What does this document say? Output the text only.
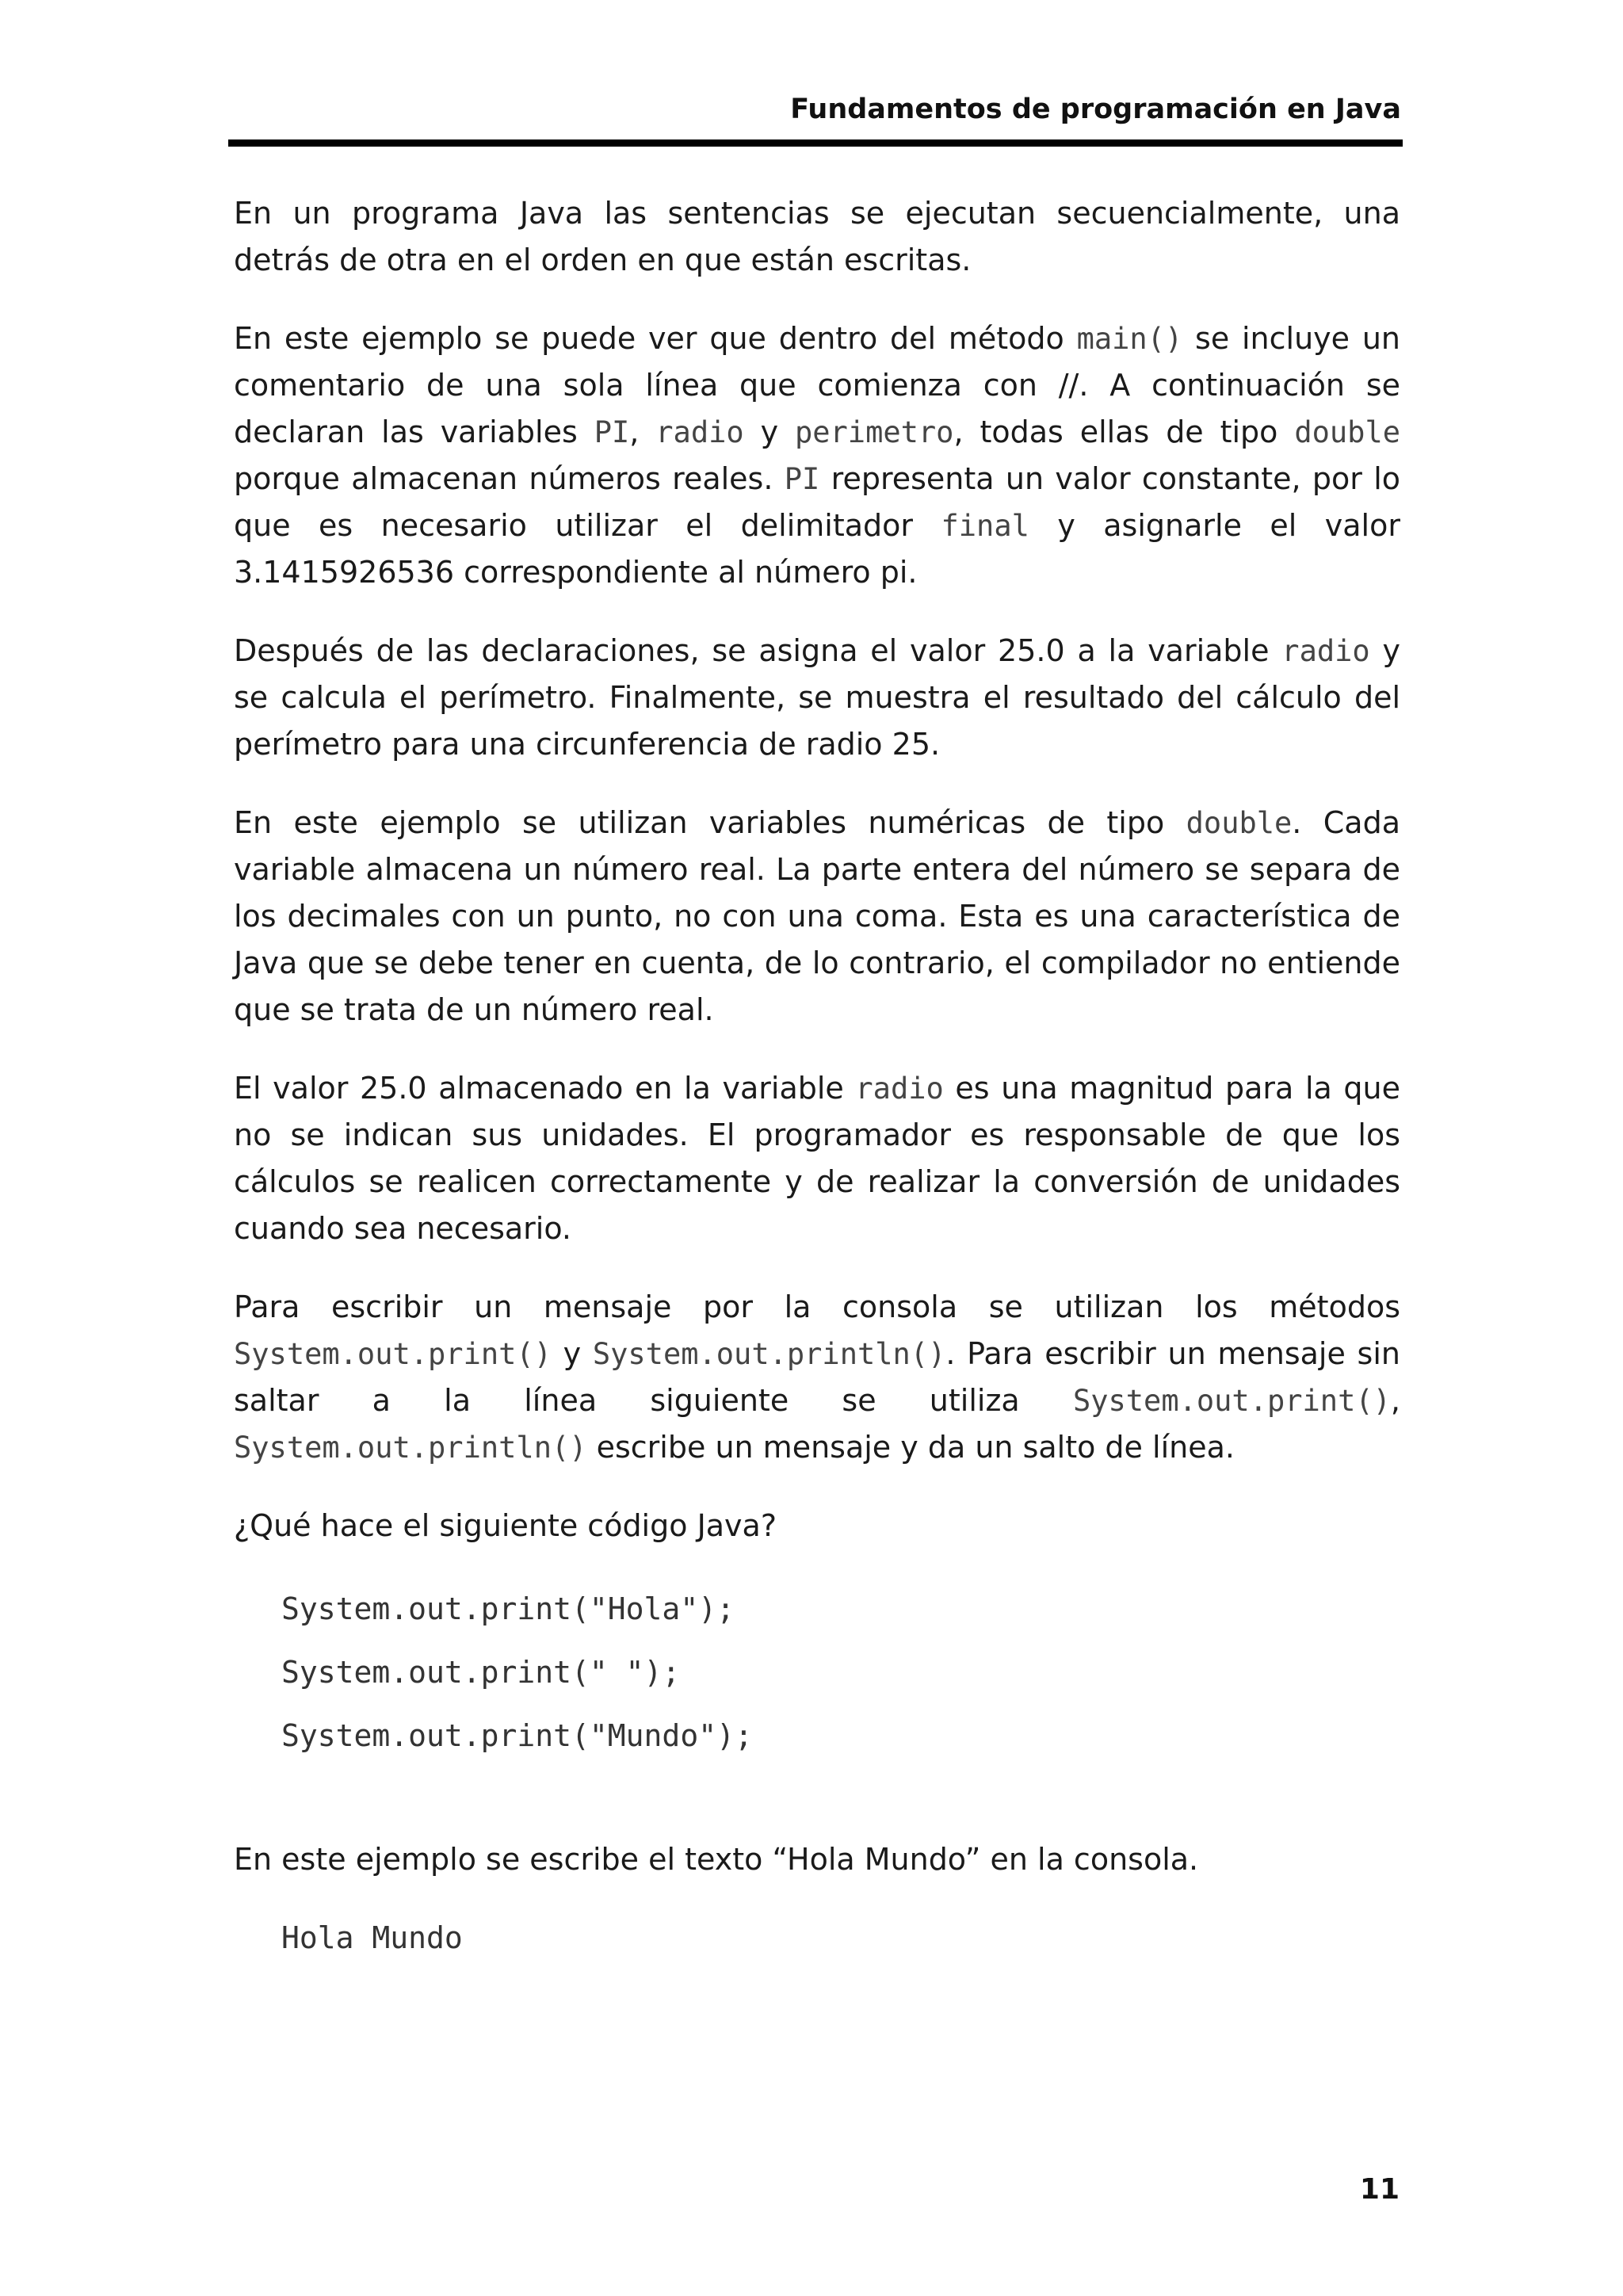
Fundamentos de programación en Java

En un programa Java las sentencias se ejecutan secuencialmente, una detrás de otra en el orden en que están escritas.

En este ejemplo se puede ver que dentro del método main() se incluye un comentario de una sola línea que comienza con //. A continuación se declaran las variables PI, radio y perimetro, todas ellas de tipo double porque almacenan números reales. PI representa un valor constante, por lo que es necesario utilizar el delimitador final y asignarle el valor 3.1415926536 correspondiente al número pi.

Después de las declaraciones, se asigna el valor 25.0 a la variable radio y se calcula el perímetro. Finalmente, se muestra el resultado del cálculo del perímetro para una circunferencia de radio 25.

En este ejemplo se utilizan variables numéricas de tipo double. Cada variable almacena un número real. La parte entera del número se separa de los decimales con un punto, no con una coma. Esta es una característica de Java que se debe tener en cuenta, de lo contrario, el compilador no entiende que se trata de un número real.

El valor 25.0 almacenado en la variable radio es una magnitud para la que no se indican sus unidades. El programador es responsable de que los cálculos se realicen correctamente y de realizar la conversión de unidades cuando sea necesario.

Para escribir un mensaje por la consola se utilizan los métodos System.out.print() y System.out.println(). Para escribir un mensaje sin saltar a la línea siguiente se utiliza System.out.print(), System.out.println() escribe un mensaje y da un salto de línea.

¿Qué hace el siguiente código Java?

System.out.print("Hola");
System.out.print(" ");
System.out.print("Mundo");

En este ejemplo se escribe el texto “Hola Mundo” en la consola.

Hola Mundo
11
